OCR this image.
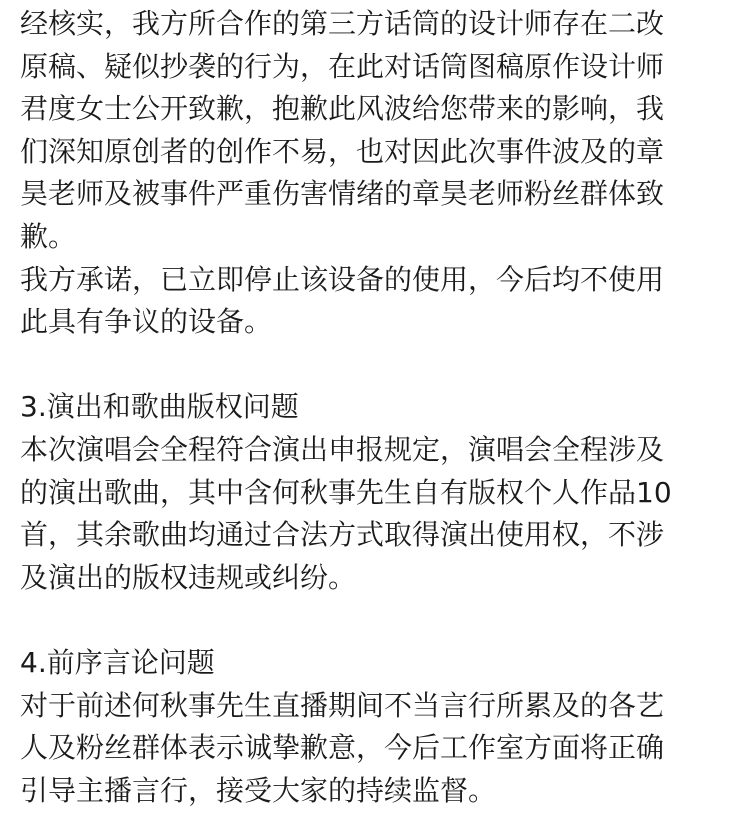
经核实，我方所合作的第三方话筒的设计师存在二改
原稿、疑似抄袭的行为，在此对话筒图稿原作设计师
君度女士公开致歉，抱歉此风波给您带来的影响，我
们深知原创者的创作不易，也对因此次事件波及的章
昊老师及被事件严重伤害情绪的章昊老师粉丝群体致
歉。
我方承诺，已立即停止该设备的使用，今后均不使用
此具有争议的设备。
3.演出和歌曲版权问题
本次演唱会全程符合演出申报规定，演唱会全程涉及
的演出歌曲，其中含何秋事先生自有版权个人作品10
首，其余歌曲均通过合法方式取得演出使用权，不涉
及演出的版权违规或纠纷。
4.前序言论问题
对于前述何秋事先生直播期间不当言行所累及的各艺
人及粉丝群体表示诚挚歉意，今后工作室方面将正确
引导主播言行，接受大家的持续监督。
